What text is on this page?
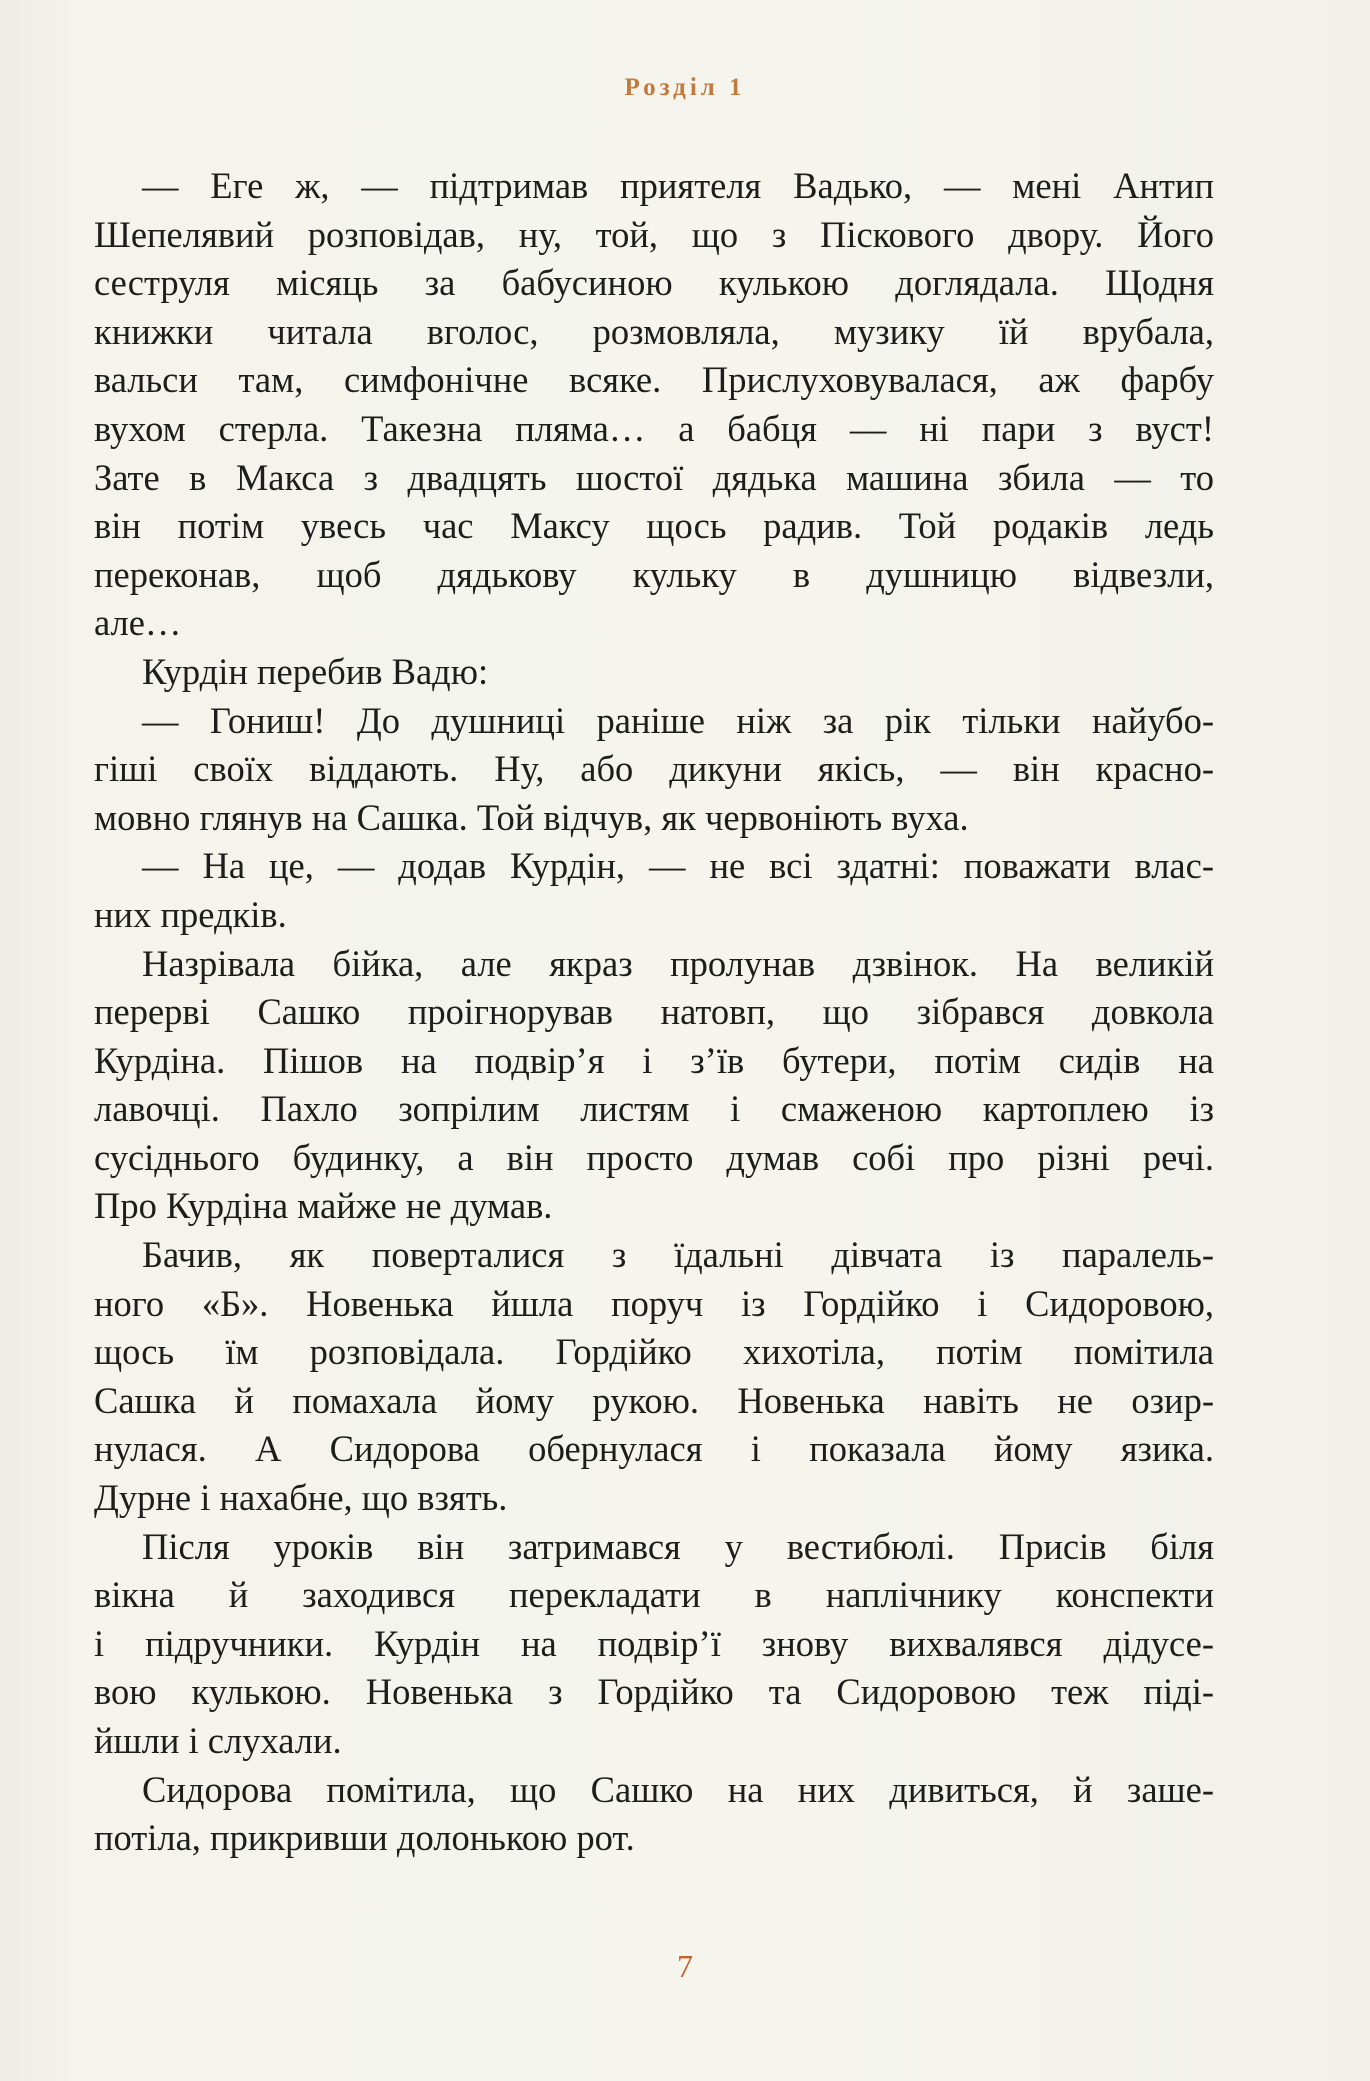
Розділ 1
— Еге ж, — підтримав приятеля Вадько, — мені Антип
Шепелявий розповідав, ну, той, що з Піскового двору. Його
сеструля місяць за бабусиною кулькою доглядала. Щодня
книжки читала вголос, розмовляла, музику їй врубала,
вальси там, симфонічне всяке. Прислуховувалася, аж фарбу
вухом стерла. Такезна пляма… а бабця — ні пари з вуст!
Зате в Макса з двадцять шостої дядька машина збила — то
він потім увесь час Максу щось радив. Той родаків ледь
переконав, щоб дядькову кульку в душницю відвезли,
але…
Курдін перебив Вадю:
— Гониш! До душниці раніше ніж за рік тільки найубо-
гіші своїх віддають. Ну, або дикуни якісь, — він красно-
мовно глянув на Сашка. Той відчув, як червоніють вуха.
— На це, — додав Курдін, — не всі здатні: поважати влас-
них предків.
Назрівала бійка, але якраз пролунав дзвінок. На великій
перерві Сашко проігнорував натовп, що зібрався довкола
Курдіна. Пішов на подвір’я і з’їв бутери, потім сидів на
лавочці. Пахло зопрілим листям і смаженою картоплею із
сусіднього будинку, а він просто думав собі про різні речі.
Про Курдіна майже не думав.
Бачив, як поверталися з їдальні дівчата із паралель-
ного «Б». Новенька йшла поруч із Гордійко і Сидоровою,
щось їм розповідала. Гордійко хихотіла, потім помітила
Сашка й помахала йому рукою. Новенька навіть не озир-
нулася. А Сидорова обернулася і показала йому язика.
Дурне і нахабне, що взять.
Після уроків він затримався у вестибюлі. Присів біля
вікна й заходився перекладати в наплічнику конспекти
і підручники. Курдін на подвір’ї знову вихвалявся дідусе-
вою кулькою. Новенька з Гордійко та Сидоровою теж піді-
йшли і слухали.
Сидорова помітила, що Сашко на них дивиться, й заше-
потіла, прикривши долонькою рот.
7
